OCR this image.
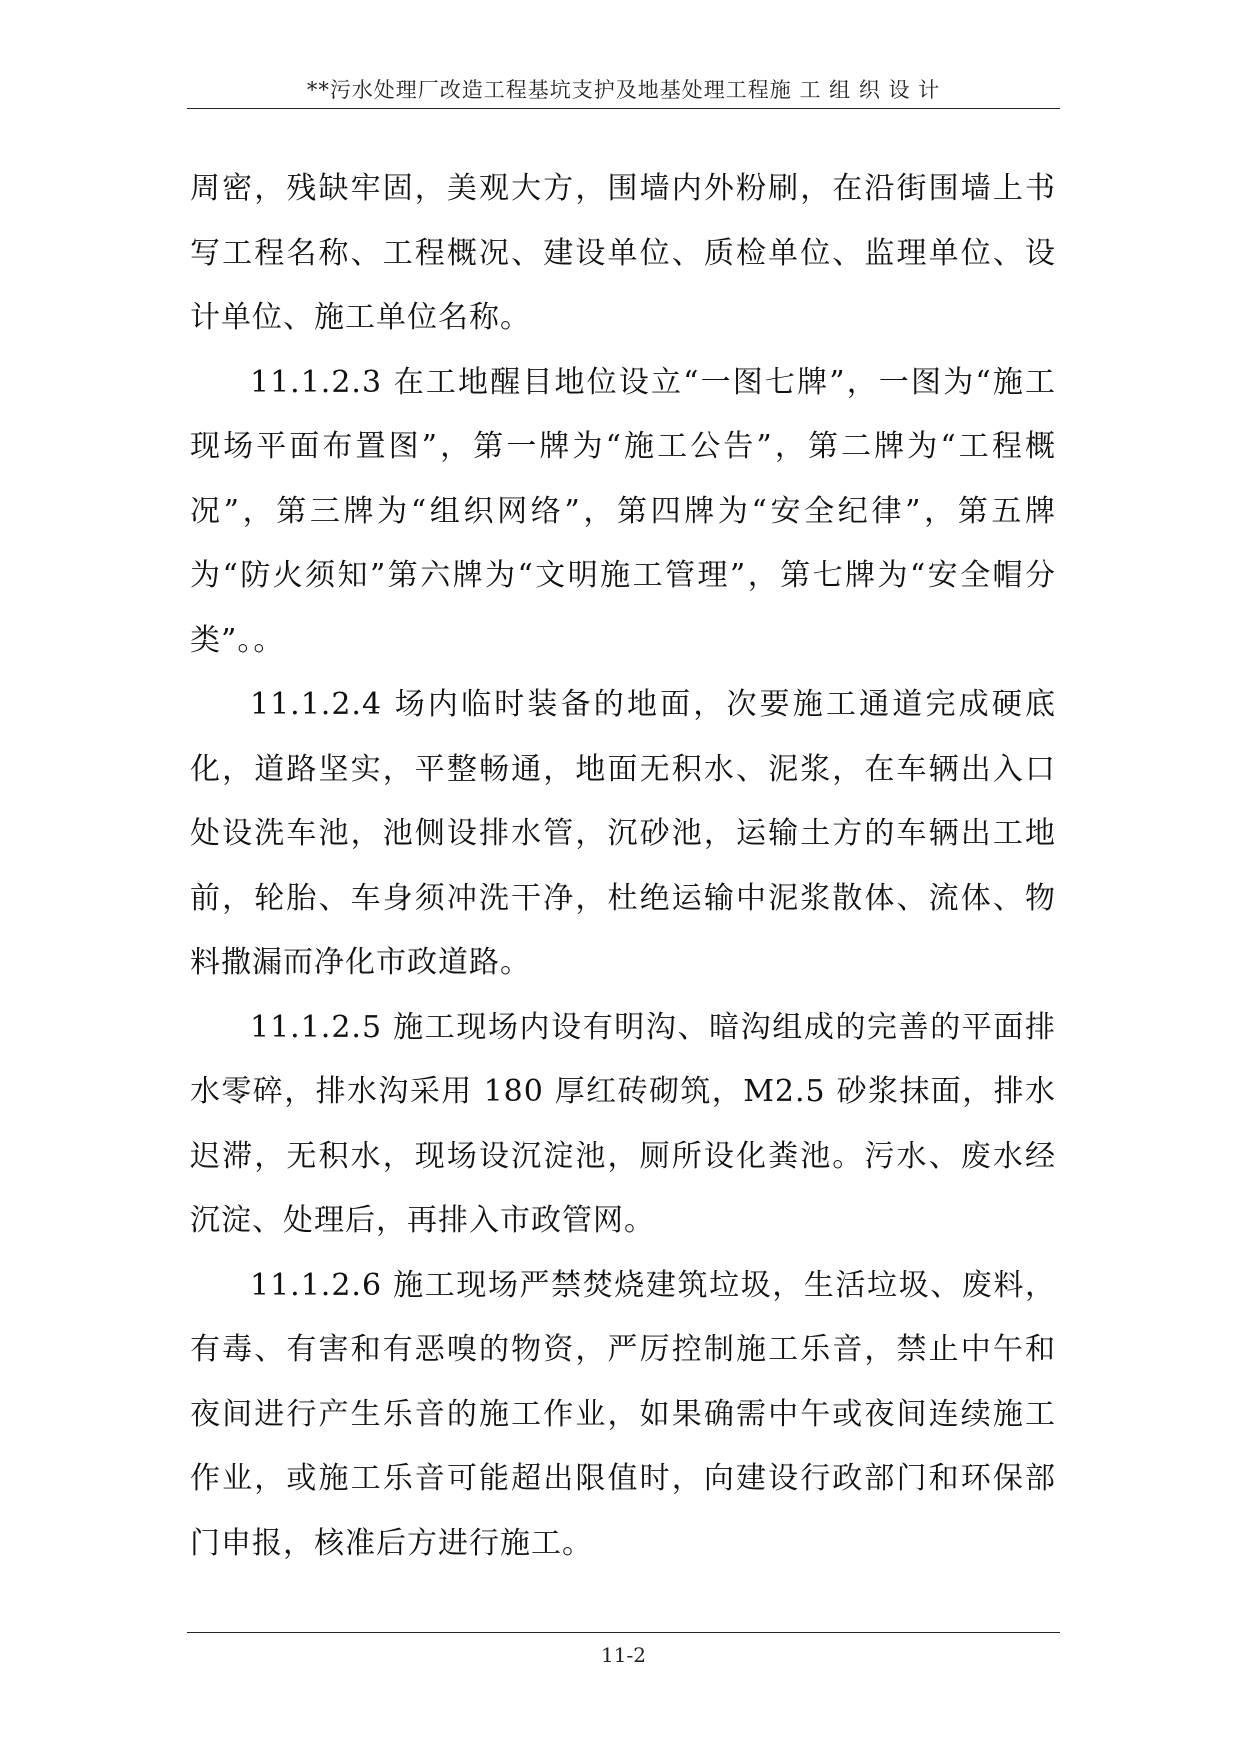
**污水处理厂改造工程基坑支护及地基处理工程施 工 组 织 设 计

周密，残缺牢固，美观大方，围墙内外粉刷，在沿街围墙上书写工程名称、工程概况、建设单位、质检单位、监理单位、设计单位、施工单位名称。

11.1.2.3 在工地醒目地位设立“一图七牌”，一图为“施工现场平面布置图”，第一牌为“施工公告”，第二牌为“工程概况”，第三牌为“组织网络”，第四牌为“安全纪律”，第五牌为“防火须知”第六牌为“文明施工管理”，第七牌为“安全帽分类”。。

11.1.2.4 场内临时装备的地面，次要施工通道完成硬底化，道路坚实，平整畅通，地面无积水、泥浆，在车辆出入口处设洗车池，池侧设排水管，沉砂池，运输土方的车辆出工地前，轮胎、车身须冲洗干净，杜绝运输中泥浆散体、流体、物料撒漏而净化市政道路。

11.1.2.5 施工现场内设有明沟、暗沟组成的完善的平面排水零碎，排水沟采用 180 厚红砖砌筑，M2.5 砂浆抹面，排水迟滞，无积水，现场设沉淀池，厕所设化粪池。污水、废水经沉淀、处理后，再排入市政管网。

11.1.2.6 施工现场严禁焚烧建筑垃圾，生活垃圾、废料，有毒、有害和有恶嗅的物资，严厉控制施工乐音，禁止中午和夜间进行产生乐音的施工作业，如果确需中午或夜间连续施工作业，或施工乐音可能超出限值时，向建设行政部门和环保部门申报，核准后方进行施工。

11-2
